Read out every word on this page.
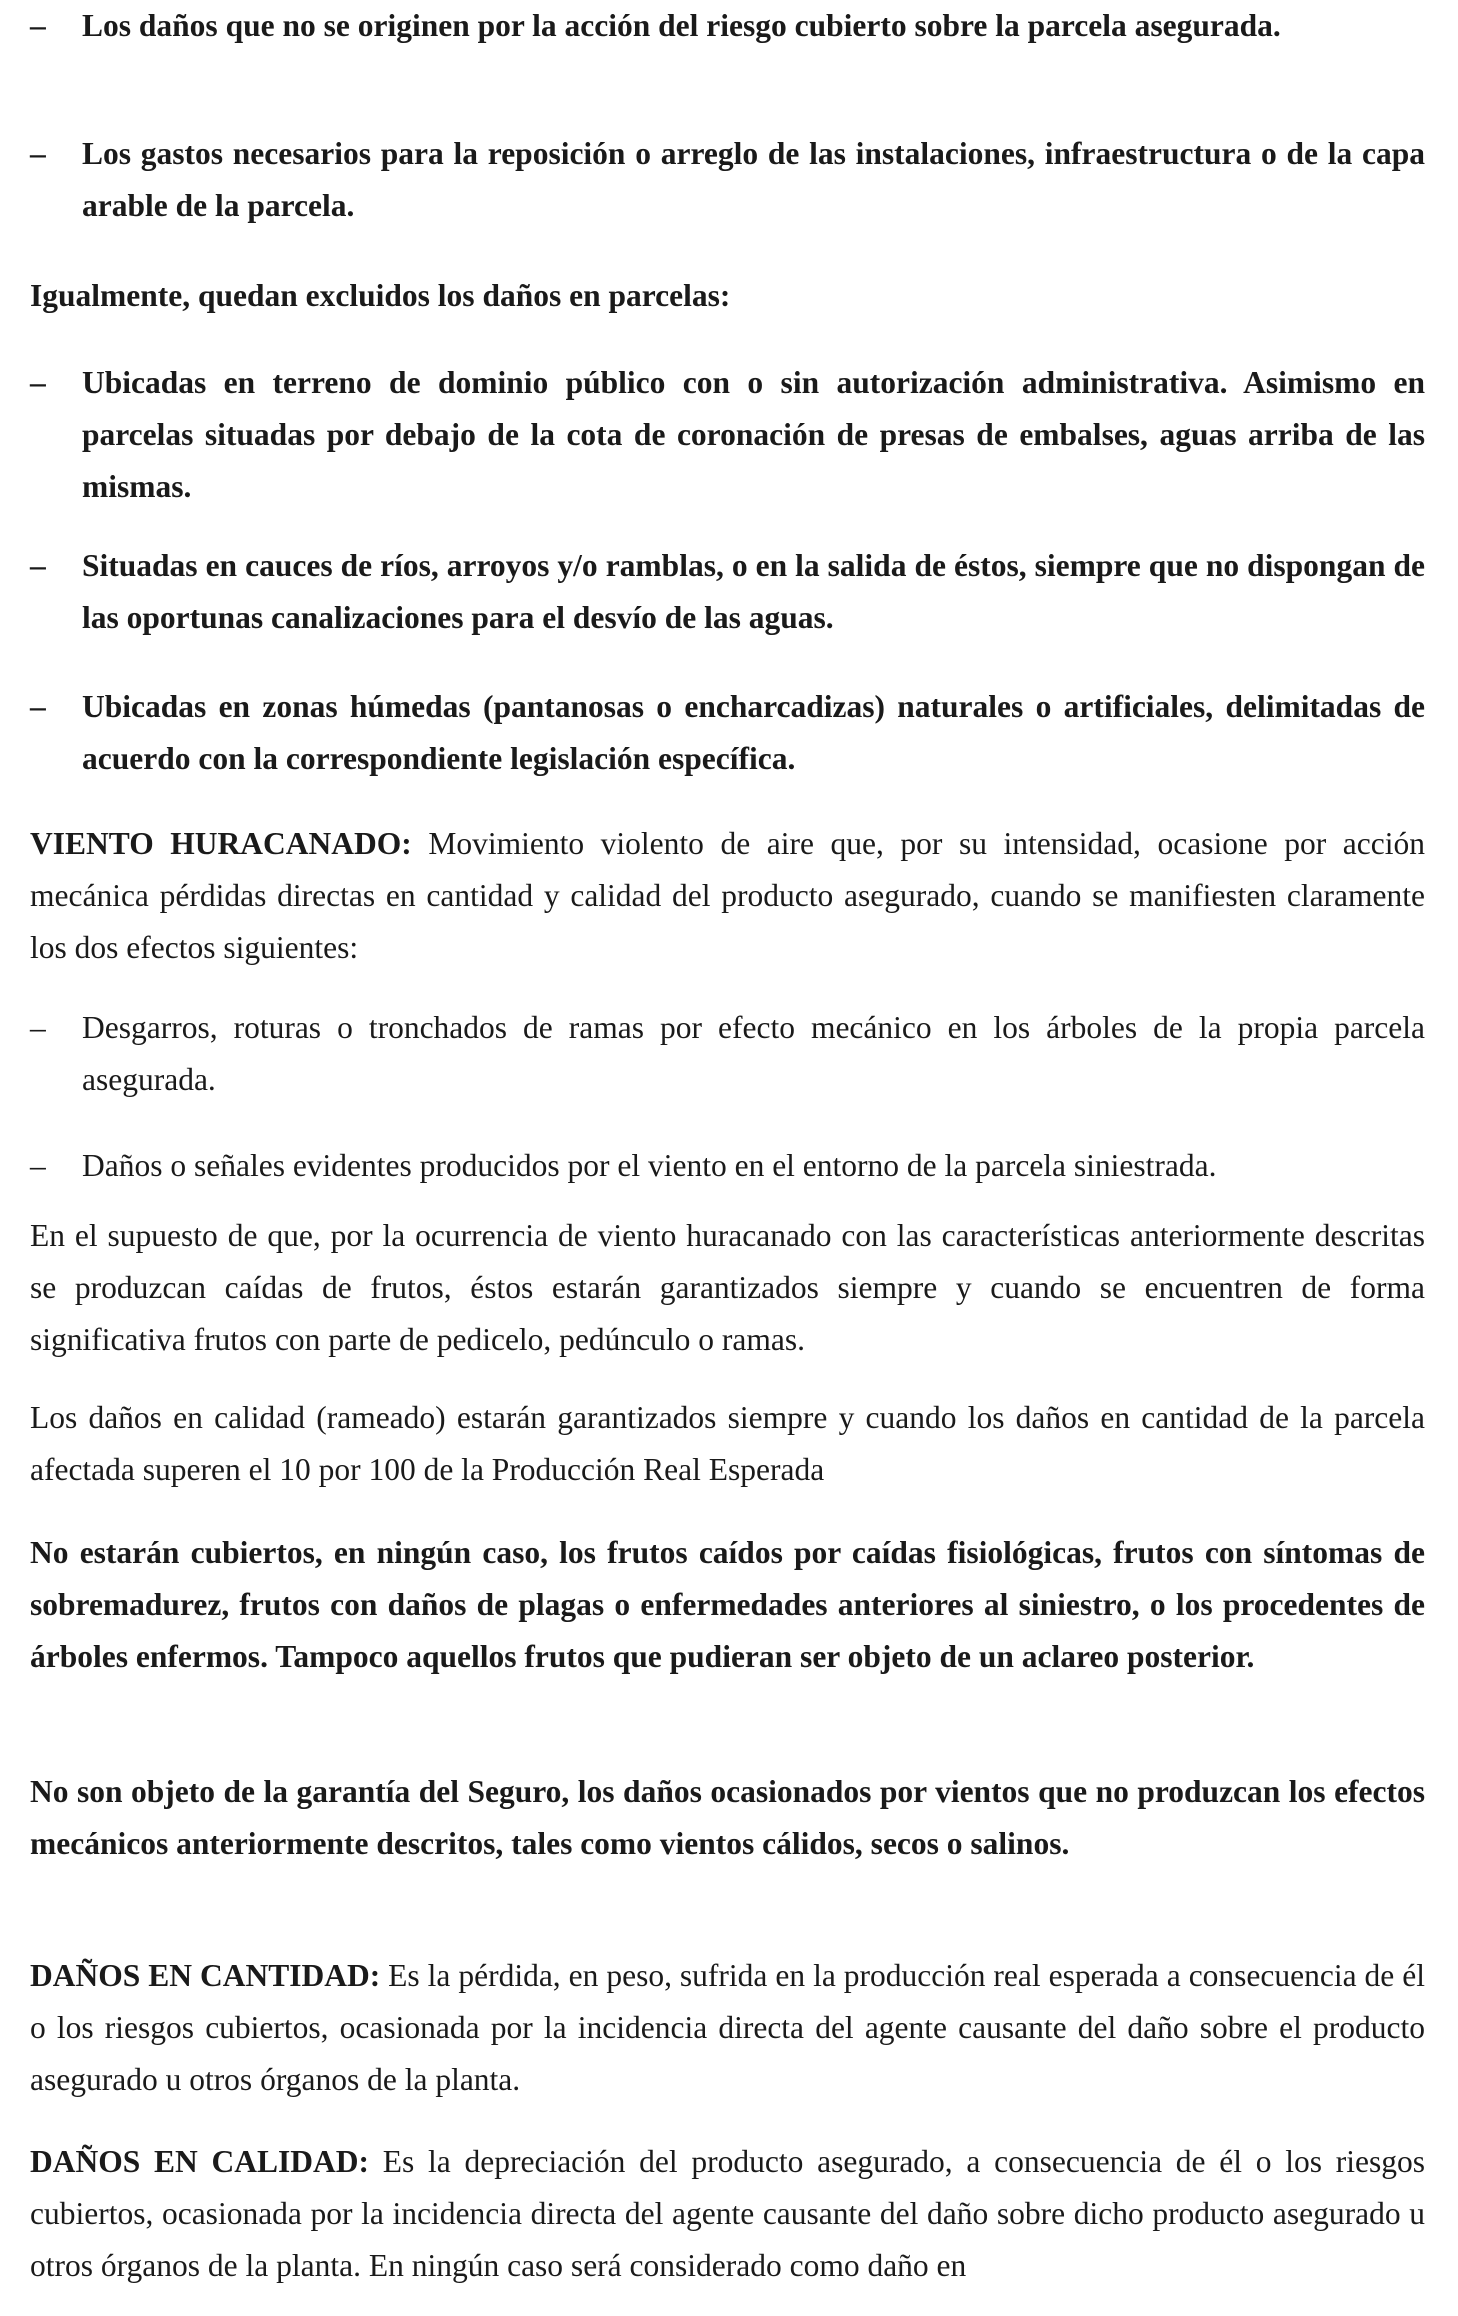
–	Los daños que no se originen por la acción del riesgo cubierto sobre la parcela asegurada.
–	Los gastos necesarios para la reposición o arreglo de las instalaciones, infraestructura o de la capa arable de la parcela.

Igualmente, quedan excluidos los daños en parcelas:

–	Ubicadas en terreno de dominio público con o sin autorización administrativa. Asimismo en parcelas situadas por debajo de la cota de coronación de presas de embalses, aguas arriba de las mismas.
–	Situadas en cauces de ríos, arroyos y/o ramblas, o en la salida de éstos, siempre que no dispongan de las oportunas canalizaciones para el desvío de las aguas.
–	Ubicadas en zonas húmedas (pantanosas o encharcadizas) naturales o artificiales, delimitadas de acuerdo con la correspondiente legislación específica.

VIENTO HURACANADO: Movimiento violento de aire que, por su intensidad, ocasione por acción mecánica pérdidas directas en cantidad y calidad del producto asegurado, cuando se manifiesten claramente los dos efectos siguientes:

–	Desgarros, roturas o tronchados de ramas por efecto mecánico en los árboles de la propia parcela asegurada.
–	Daños o señales evidentes producidos por el viento en el entorno de la parcela siniestrada.

En el supuesto de que, por la ocurrencia de viento huracanado con las características anteriormente descritas se produzcan caídas de frutos, éstos estarán garantizados siempre y cuando se encuentren de forma significativa frutos con parte de pedicelo, pedúnculo o ramas.

Los daños en calidad (rameado) estarán garantizados siempre y cuando los daños en cantidad de la parcela afectada superen el 10 por 100 de la Producción Real Esperada

No estarán cubiertos, en ningún caso, los frutos caídos por caídas fisiológicas, frutos con síntomas de sobremadurez, frutos con daños de plagas o enfermedades anteriores al siniestro, o los procedentes de árboles enfermos. Tampoco aquellos frutos que pudieran ser objeto de un aclareo posterior.

No son objeto de la garantía del Seguro, los daños ocasionados por vientos que no produzcan los efectos mecánicos anteriormente descritos, tales como vientos cálidos, secos o salinos.

DAÑOS EN CANTIDAD: Es la pérdida, en peso, sufrida en la producción real esperada a consecuencia de él o los riesgos cubiertos, ocasionada por la incidencia directa del agente causante del daño sobre el producto asegurado u otros órganos de la planta.

DAÑOS EN CALIDAD: Es la depreciación del producto asegurado, a consecuencia de él o los riesgos cubiertos, ocasionada por la incidencia directa del agente causante del daño sobre dicho producto asegurado u otros órganos de la planta. En ningún caso será considerado como daño en
